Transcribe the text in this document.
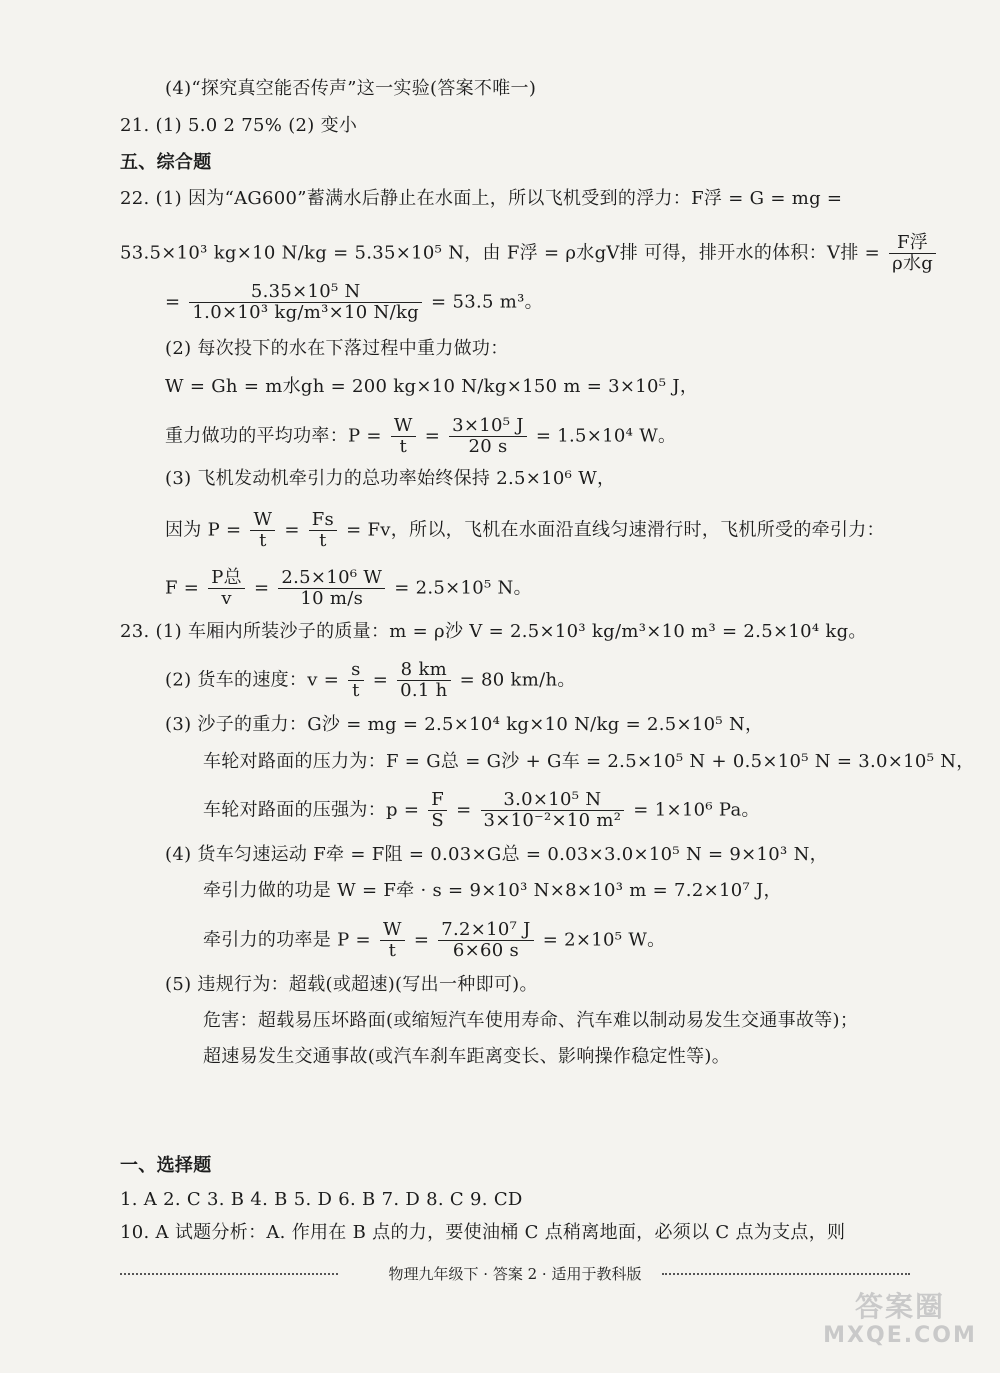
(4)“探究真空能否传声”这一实验(答案不唯一)
21. (1) 5.0 2 75% (2) 变小
五、综合题
22. (1) 因为“AG600”蓄满水后静止在水面上，所以飞机受到的浮力：F浮 = G = mg =
53.5×10³ kg×10 N/kg = 5.35×10⁵ N，由 F浮 = ρ水gV排 可得，排开水的体积：V排 = $\frac{\text{F浮}}{\text{ρ水g}}$
= $\frac{\text{5.35×10⁵ N}}{\text{1.0×10³ kg/m³×10 N/kg}} = 53.5$ m³。
(2) 每次投下的水在下落过程中重力做功：
W = Gh = m水gh = 200 kg×10 N/kg×150 m = 3×10⁵ J，
重力做功的平均功率：$P = \frac{W}{t} = \frac{\text{3×10⁵ J}}{20 s} = 1.5\times 10^4$ W。
(3) 飞机发动机牵引力的总功率始终保持 2.5×10⁶ W，
因为 $P = \frac{W}{t} = \frac{Fs}{t} = Fv$，所以，飞机在水面沿直线匀速滑行时，飞机所受的牵引力：
$F = \frac{\text{P总}}{v} = \frac{\text{2.5×10⁶ W}}{10 m/s} = 2.5\times 10^5$ N。
23. (1) 车厢内所装沙子的质量：m = ρ沙 V = 2.5×10³ kg/m³×10 m³ = 2.5×10⁴ kg。
(2) 货车的速度：$v = \frac{s}{t} = \frac{8 km}{0.1 h} = 80$ km/h。
(3) 沙子的重力：G沙 = mg = 2.5×10⁴ kg×10 N/kg = 2.5×10⁵ N，
车轮对路面的压力为：F = G总 = G沙 + G车 = 2.5×10⁵ N + 0.5×10⁵ N = 3.0×10⁵ N，
车轮对路面的压强为：$p = \frac{F}{S} = \frac{\text{3.0×10⁵ N}}{\text{3×10⁻²×10 m²}} = 1\times 10^6$ Pa。
(4) 货车匀速运动 F牵 = F阻 = 0.03×G总 = 0.03×3.0×10⁵ N = 9×10³ N，
牵引力做的功是 W = F牵 · s = 9×10³ N×8×10³ m = 7.2×10⁷ J，
牵引力的功率是 $P = \frac{W}{t} = \frac{\text{7.2×10⁷ J}}{6\times 60 s} = 2\times 10^5$ W。
(5) 违规行为：超载(或超速)(写出一种即可)。
危害：超载易压坏路面(或缩短汽车使用寿命、汽车难以制动易发生交通事故等)；
超速易发生交通事故(或汽车刹车距离变长、影响操作稳定性等)。
一、选择题
1. A 2. C 3. B 4. B 5. D 6. B 7. D 8. C 9. CD
10. A 试题分析：A. 作用在 B 点的力，要使油桶 C 点稍离地面，必须以 C 点为支点，则
物理九年级下 · 答案 2 · 适用于教科版
答案圈
MXQE.COM
